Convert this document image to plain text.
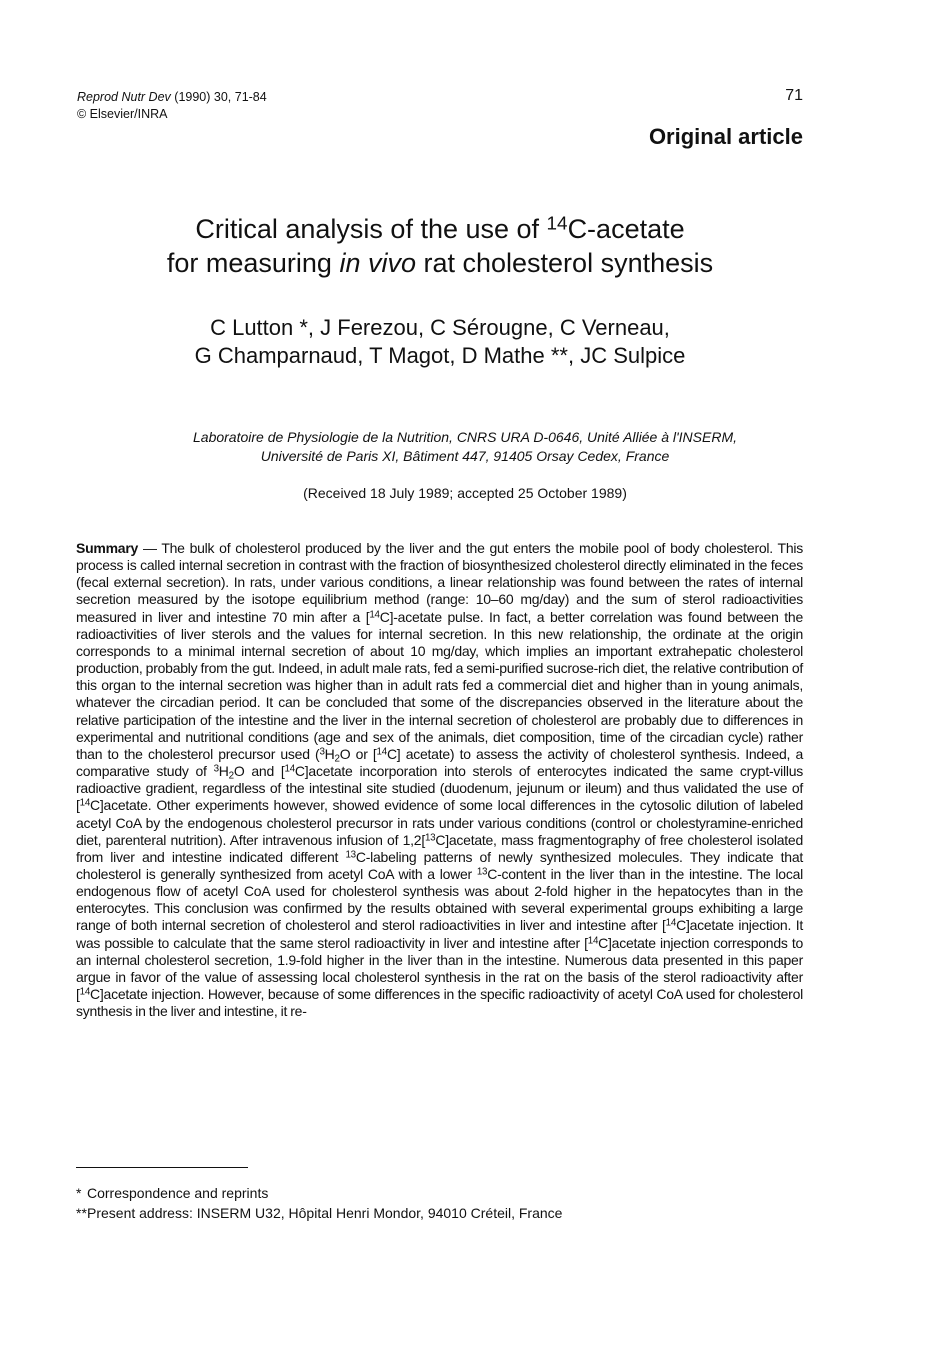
Reprod Nutr Dev (1990) 30, 71-84
© Elsevier/INRA
71
Original article
Critical analysis of the use of $^{14}$C-acetate
for measuring in vivo rat cholesterol synthesis
C Lutton *, J Ferezou, C Sérougne, C Verneau,
G Champarnaud, T Magot, D Mathe **, JC Sulpice
Laboratoire de Physiologie de la Nutrition, CNRS URA D-0646, Unité Alliée à l'INSERM,
Université de Paris XI, Bâtiment 447, 91405 Orsay Cedex, France
(Received 18 July 1989; accepted 25 October 1989)

Summary — The bulk of cholesterol produced by the liver and the gut enters the mobile pool of body cholesterol. This process is called internal secretion in contrast with the fraction of biosynthesized cholesterol directly eliminated in the feces (fecal external secretion). In rats, under various conditions, a linear relationship was found between the rates of internal secretion measured by the isotope equilibrium method (range: 10–60 mg/day) and the sum of sterol radioactivities measured in liver and intestine 70 min after a [$^{14}$C]-acetate pulse. In fact, a better correlation was found between the radioactivities of liver sterols and the values for internal secretion. In this new relationship, the ordinate at the origin corresponds to a minimal internal secretion of about 10 mg/day, which implies an important extrahepatic cholesterol production, probably from the gut. Indeed, in adult male rats, fed a semi-purified sucrose-rich diet, the relative contribution of this organ to the internal secretion was higher than in adult rats fed a commercial diet and higher than in young animals, whatever the circadian period. It can be concluded that some of the discrepancies observed in the literature about the relative participation of the intestine and the liver in the internal secretion of cholesterol are probably due to differences in experimental and nutritional conditions (age and sex of the animals, diet composition, time of the circadian cycle) rather than to the cholesterol precursor used ($^3H_2O$ or [$^{14}$C] acetate) to assess the activity of cholesterol synthesis. Indeed, a comparative study of $^3H_2O$ and [$^{14}$C]acetate incorporation into sterols of enterocytes indicated the same crypt-villus radioactive gradient, regardless of the intestinal site studied (duodenum, jejunum or ileum) and thus validated the use of [$^{14}$C]acetate. Other experiments however, showed evidence of some local differences in the cytosolic dilution of labeled acetyl CoA by the endogenous cholesterol precursor in rats under various conditions (control or cholestyramine-enriched diet, parenteral nutrition). After intravenous infusion of 1,2[$^{13}$C]acetate, mass fragmentography of free cholesterol isolated from liver and intestine indicated different $^{13}$C-labeling patterns of newly synthesized molecules. They indicate that cholesterol is generally synthesized from acetyl CoA with a lower $^{13}$C-content in the liver than in the intestine. The local endogenous flow of acetyl CoA used for cholesterol synthesis was about 2-fold higher in the hepatocytes than in the enterocytes. This conclusion was confirmed by the results obtained with several experimental groups exhibiting a large range of both internal secretion of cholesterol and sterol radioactivities in liver and intestine after [$^{14}$C]acetate injection. It was possible to calculate that the same sterol radioactivity in liver and intestine after [$^{14}$C]acetate injection corresponds to an internal cholesterol secretion, 1.9-fold higher in the liver than in the intestine. Numerous data presented in this paper argue in favor of the value of assessing local cholesterol synthesis in the rat on the basis of the sterol radioactivity after [$^{14}$C]acetate injection. However, because of some differences in the specific radioactivity of acetyl CoA used for cholesterol synthesis in the liver and intestine, it re-

* Correspondence and reprints
**Present address: INSERM U32, Hôpital Henri Mondor, 94010 Créteil, France
